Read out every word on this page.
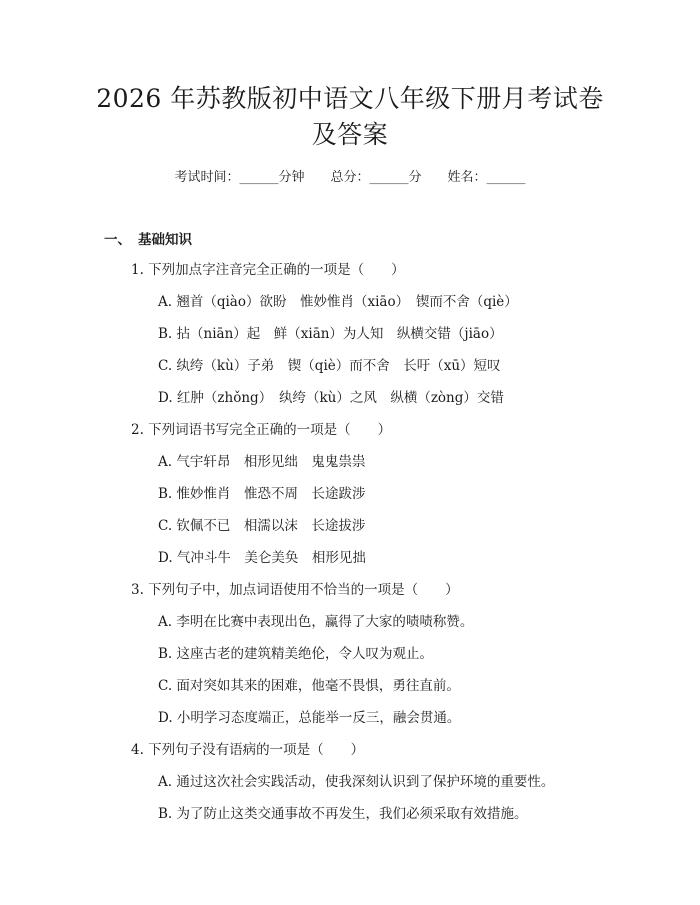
2026 年苏教版初中语文八年级下册月考试卷
及答案
考试时间：______分钟 总分：______分 姓名：______
一、 基础知识
1. 下列加点字注音完全正确的一项是（　　）
A. 翘首（qiào）欲盼　惟妙惟肖（xiāo）　锲而不舍（qiè）
B. 拈（niān）起　鲜（xiān）为人知　纵横交错（jiāo）
C. 纨绔（kù）子弟　锲（qiè）而不舍　长吁（xū）短叹
D. 红肿（zhǒng）　纨绔（kù）之风　纵横（zòng）交错
2. 下列词语书写完全正确的一项是（　　）
A. 气宇轩昂　相形见绌　鬼鬼祟祟
B. 惟妙惟肖　惟恐不周　长途跋涉
C. 钦佩不已　相濡以沫　长途拔涉
D. 气冲斗牛　美仑美奂　相形见拙
3. 下列句子中，加点词语使用不恰当的一项是（　　）
A. 李明在比赛中表现出色，赢得了大家的啧啧称赞。
B. 这座古老的建筑精美绝伦，令人叹为观止。
C. 面对突如其来的困难，他毫不畏惧，勇往直前。
D. 小明学习态度端正，总能举一反三，融会贯通。
4. 下列句子没有语病的一项是（　　）
A. 通过这次社会实践活动，使我深刻认识到了保护环境的重要性。
B. 为了防止这类交通事故不再发生，我们必须采取有效措施。
